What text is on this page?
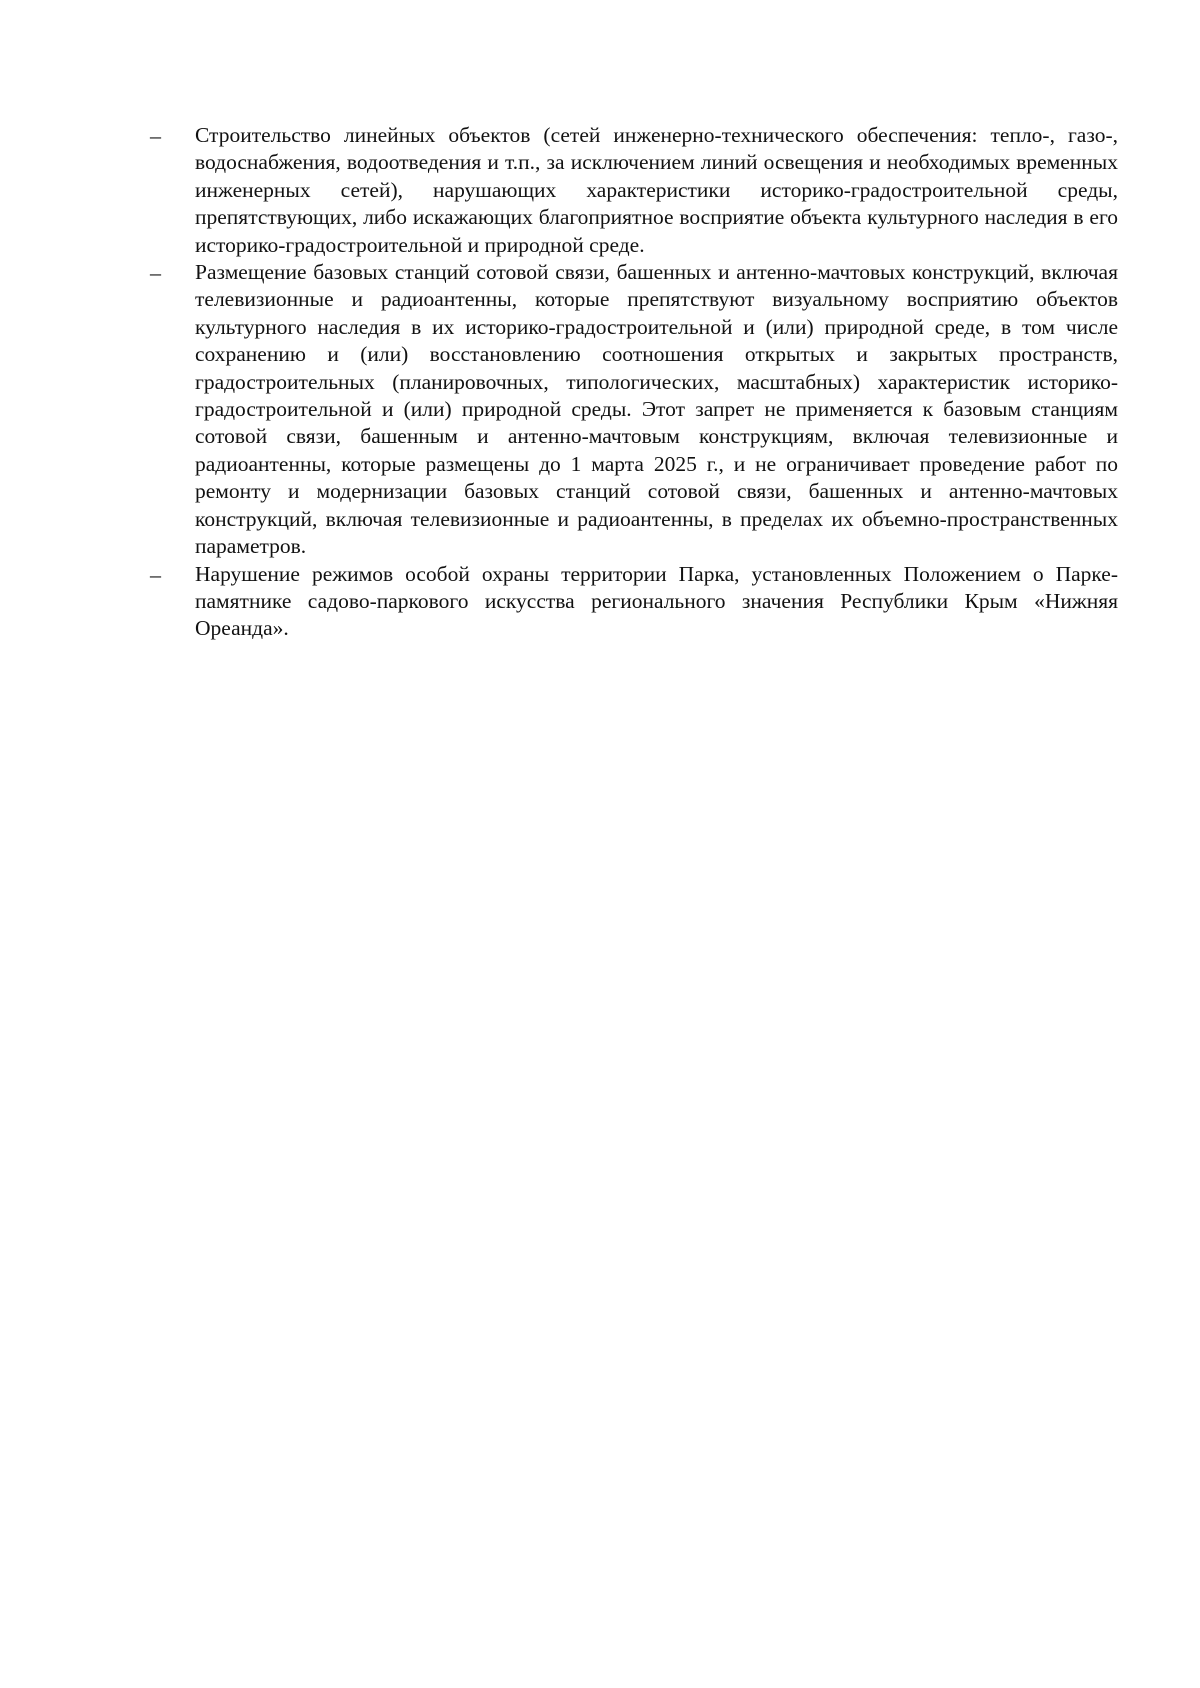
–	Строительство линейных объектов (сетей инженерно-технического обеспечения: тепло-, газо-, водоснабжения, водоотведения и т.п., за исключением линий освещения и необходимых временных инженерных сетей), нарушающих характеристики историко-градостроительной среды, препятствующих, либо искажающих благоприятное восприятие объекта культурного наследия в его историко-градостроительной и природной среде.

–	Размещение базовых станций сотовой связи, башенных и антенно-мачтовых конструкций, включая телевизионные и радиоантенны, которые препятствуют визуальному восприятию объектов культурного наследия в их историко-градостроительной и (или) природной среде, в том числе сохранению и (или) восстановлению соотношения открытых и закрытых пространств, градостроительных (планировочных, типологических, масштабных) характеристик историко-градостроительной и (или) природной среды. Этот запрет не применяется к базовым станциям сотовой связи, башенным и антенно-мачтовым конструкциям, включая телевизионные и радиоантенны, которые размещены до 1 марта 2025 г., и не ограничивает проведение работ по ремонту и модернизации базовых станций сотовой связи, башенных и антенно-мачтовых конструкций, включая телевизионные и радиоантенны, в пределах их объемно-пространственных параметров.

–	Нарушение режимов особой охраны территории Парка, установленных Положением о Парке-памятнике садово-паркового искусства регионального значения Республики Крым «Нижняя Ореанда».
